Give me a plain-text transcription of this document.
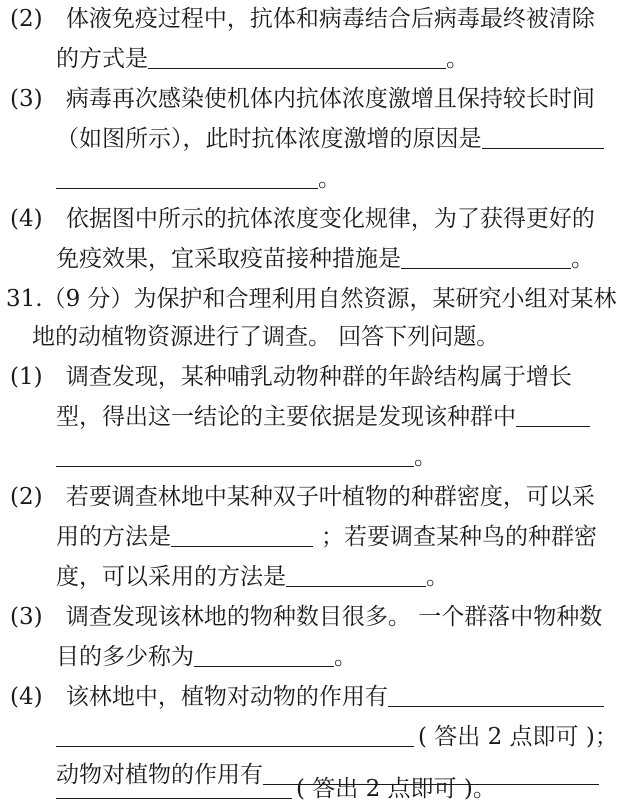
(2) 体液免疫过程中，抗体和病毒结合后病毒最终被清除
的方式是	。
(3) 病毒再次感染使机体内抗体浓度激增且保持较长时间
（如图所示），此时抗体浓度激增的原因是
。
(4) 依据图中所示的抗体浓度变化规律，为了获得更好的
免疫效果，宜采取疫苗接种措施是	。
31.（9 分）为保护和合理利用自然资源，某研究小组对某林
地的动植物资源进行了调查。 回答下列问题。
(1) 调查发现，某种哺乳动物种群的年龄结构属于增长
型，得出这一结论的主要依据是发现该种群中
。
(2) 若要调查林地中某种双子叶植物的种群密度，可以采
用的方法是	；若要调查某种鸟的种群密
度，可以采用的方法是	。
(3) 调查发现该林地的物种数目很多。 一个群落中物种数
目的多少称为	。
(4) 该林地中，植物对动物的作用有
( 答出 2 点即可 )；
动物对植物的作用有
( 答出 2 点即可 )。
